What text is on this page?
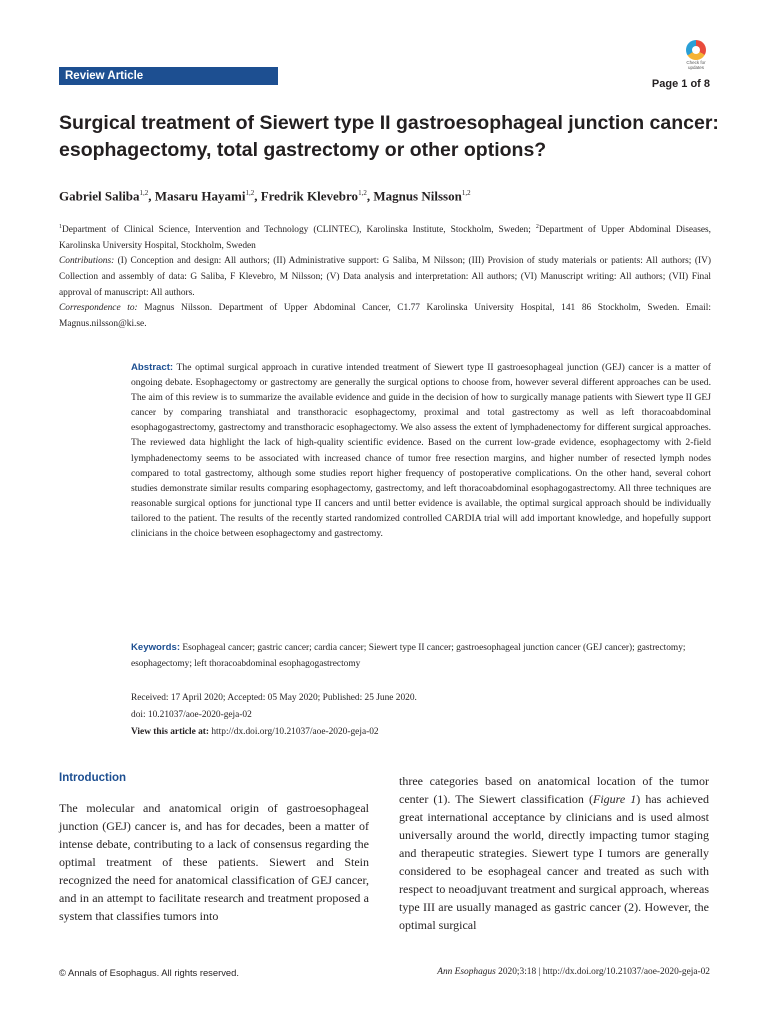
Review Article
Check for updates
Page 1 of 8
Surgical treatment of Siewert type II gastroesophageal junction cancer: esophagectomy, total gastrectomy or other options?
Gabriel Saliba$^{1,2}$, Masaru Hayami$^{1,2}$, Fredrik Klevebro$^{1,2}$, Magnus Nilsson$^{1,2}$

$^1$Department of Clinical Science, Intervention and Technology (CLINTEC), Karolinska Institute, Stockholm, Sweden; $^2$Department of Upper Abdominal Diseases, Karolinska University Hospital, Stockholm, Sweden

Contributions: (I) Conception and design: All authors; (II) Administrative support: G Saliba, M Nilsson; (III) Provision of study materials or patients: All authors; (IV) Collection and assembly of data: G Saliba, F Klevebro, M Nilsson; (V) Data analysis and interpretation: All authors; (VI) Manuscript writing: All authors; (VII) Final approval of manuscript: All authors.

Correspondence to: Magnus Nilsson. Department of Upper Abdominal Cancer, C1.77 Karolinska University Hospital, 141 86 Stockholm, Sweden. Email: Magnus.nilsson@ki.se.

Abstract: The optimal surgical approach in curative intended treatment of Siewert type II gastroesophageal junction (GEJ) cancer is a matter of ongoing debate. Esophagectomy or gastrectomy are generally the surgical options to choose from, however several different approaches can be used. The aim of this review is to summarize the available evidence and guide in the decision of how to surgically manage patients with Siewert type II GEJ cancer by comparing transhiatal and transthoracic esophagectomy, proximal and total gastrectomy as well as left thoracoabdominal esophagogastrectomy, gastrectomy and transthoracic esophagectomy. We also assess the extent of lymphadenectomy for different surgical approaches. The reviewed data highlight the lack of high-quality scientific evidence. Based on the current low-grade evidence, esophagectomy with 2-field lymphadenectomy seems to be associated with increased chance of tumor free resection margins, and higher number of resected lymph nodes compared to total gastrectomy, although some studies report higher frequency of postoperative complications. On the other hand, several cohort studies demonstrate similar results comparing esophagectomy, gastrectomy, and left thoracoabdominal esophagogastrectomy. All three techniques are reasonable surgical options for junctional type II cancers and until better evidence is available, the optimal surgical approach should be individually tailored to the patient. The results of the recently started randomized controlled CARDIA trial will add important knowledge, and hopefully support clinicians in the choice between esophagectomy and gastrectomy.

Keywords: Esophageal cancer; gastric cancer; cardia cancer; Siewert type II cancer; gastroesophageal junction cancer (GEJ cancer); gastrectomy; esophagectomy; left thoracoabdominal esophagogastrectomy

Received: 17 April 2020; Accepted: 05 May 2020; Published: 25 June 2020.

doi: 10.21037/aoe-2020-geja-02

View this article at: http://dx.doi.org/10.21037/aoe-2020-geja-02

Introduction

The molecular and anatomical origin of gastroesophageal junction (GEJ) cancer is, and has for decades, been a matter of intense debate, contributing to a lack of consensus regarding the optimal treatment of these patients. Siewert and Stein recognized the need for anatomical classification of GEJ cancer, and in an attempt to facilitate research and treatment proposed a system that classifies tumors into

three categories based on anatomical location of the tumor center (1). The Siewert classification (Figure 1) has achieved great international acceptance by clinicians and is used almost universally around the world, directly impacting tumor staging and therapeutic strategies. Siewert type I tumors are generally considered to be esophageal cancer and treated as such with respect to neoadjuvant treatment and surgical approach, whereas type III are usually managed as gastric cancer (2). However, the optimal surgical

© Annals of Esophagus. All rights reserved.	Ann Esophagus 2020;3:18 | http://dx.doi.org/10.21037/aoe-2020-geja-02
